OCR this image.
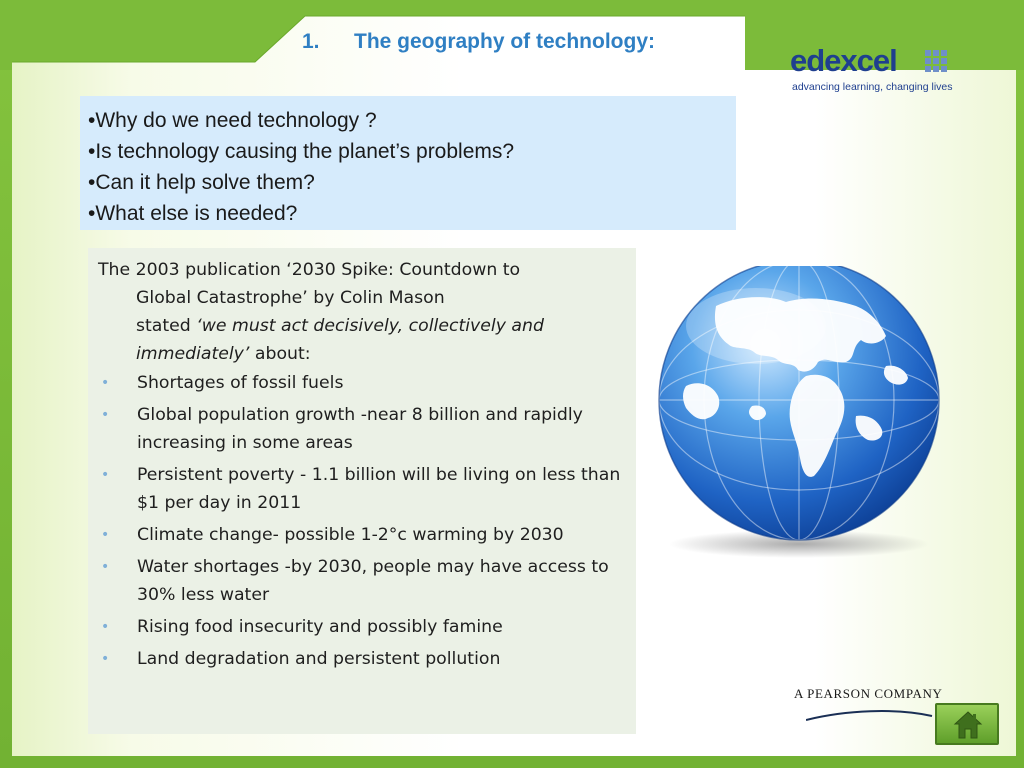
1. The geography of technology:
edexcel
advancing learning, changing lives
•Why do we need technology ?
•Is technology causing the planet’s problems?
•Can it help solve them?
•What else is needed?
The 2003 publication ‘2030 Spike: Countdown to
Global Catastrophe’ by Colin Mason
stated ‘we must act decisively, collectively and immediately’ about:
• Shortages of fossil fuels
• Global population growth -near 8 billion and rapidly increasing in some areas
• Persistent poverty - 1.1 billion will be living on less than $1 per day in 2011
• Climate change- possible 1-2°c warming by 2030
• Water shortages -by 2030, people may have access to 30% less water
• Rising food insecurity and possibly famine
• Land degradation and persistent pollution
A PEARSON COMPANY
